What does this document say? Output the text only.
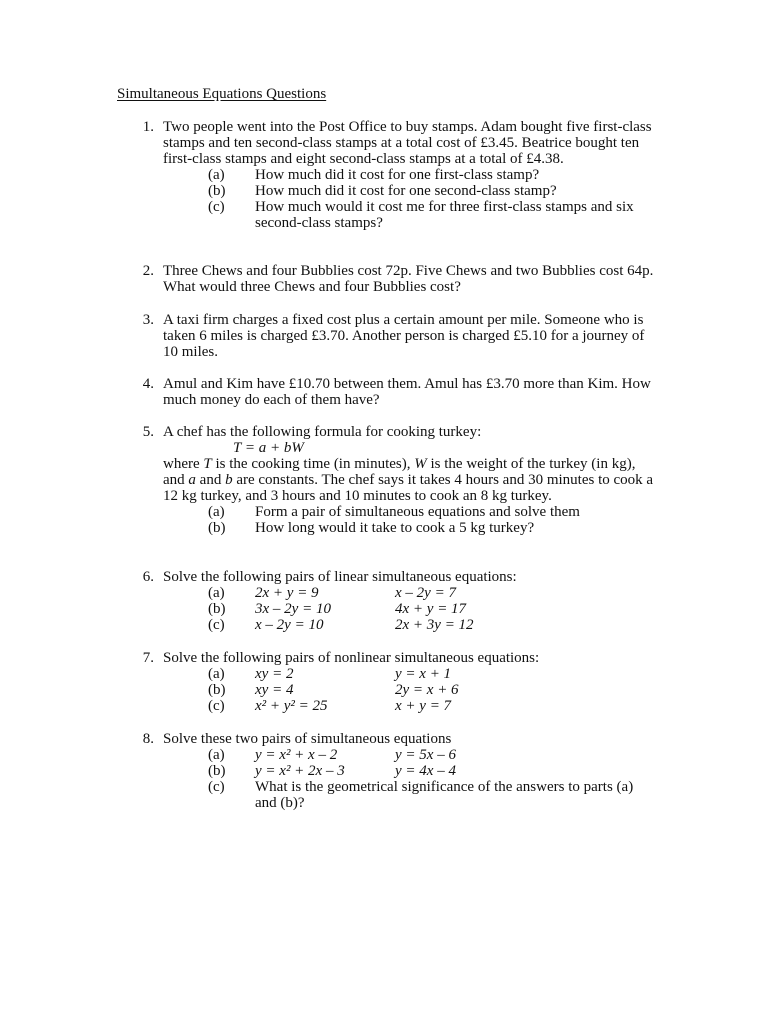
Simultaneous Equations Questions
1. Two people went into the Post Office to buy stamps. Adam bought five first-class stamps and ten second-class stamps at a total cost of £3.45. Beatrice bought ten first-class stamps and eight second-class stamps at a total of £4.38.
(a) How much did it cost for one first-class stamp?
(b) How much did it cost for one second-class stamp?
(c) How much would it cost me for three first-class stamps and six second-class stamps?
2. Three Chews and four Bubblies cost 72p. Five Chews and two Bubblies cost 64p. What would three Chews and four Bubblies cost?
3. A taxi firm charges a fixed cost plus a certain amount per mile. Someone who is taken 6 miles is charged £3.70. Another person is charged £5.10 for a journey of 10 miles.
4. Amul and Kim have £10.70 between them. Amul has £3.70 more than Kim. How much money do each of them have?
5. A chef has the following formula for cooking turkey:
T = a + bW
where T is the cooking time (in minutes), W is the weight of the turkey (in kg), and a and b are constants. The chef says it takes 4 hours and 30 minutes to cook a 12 kg turkey, and 3 hours and 10 minutes to cook an 8 kg turkey.
(a) Form a pair of simultaneous equations and solve them
(b) How long would it take to cook a 5 kg turkey?
6. Solve the following pairs of linear simultaneous equations:
(a) 2x + y = 9	x – 2y = 7
(b) 3x – 2y = 10	4x + y = 17
(c) x – 2y = 10	2x + 3y = 12
7. Solve the following pairs of nonlinear simultaneous equations:
(a) xy = 2	y = x + 1
(b) xy = 4	2y = x + 6
(c) x² + y² = 25	x + y = 7
8. Solve these two pairs of simultaneous equations
(a) y = x² + x – 2	y = 5x – 6
(b) y = x² + 2x – 3	y = 4x – 4
(c) What is the geometrical significance of the answers to parts (a) and (b)?
